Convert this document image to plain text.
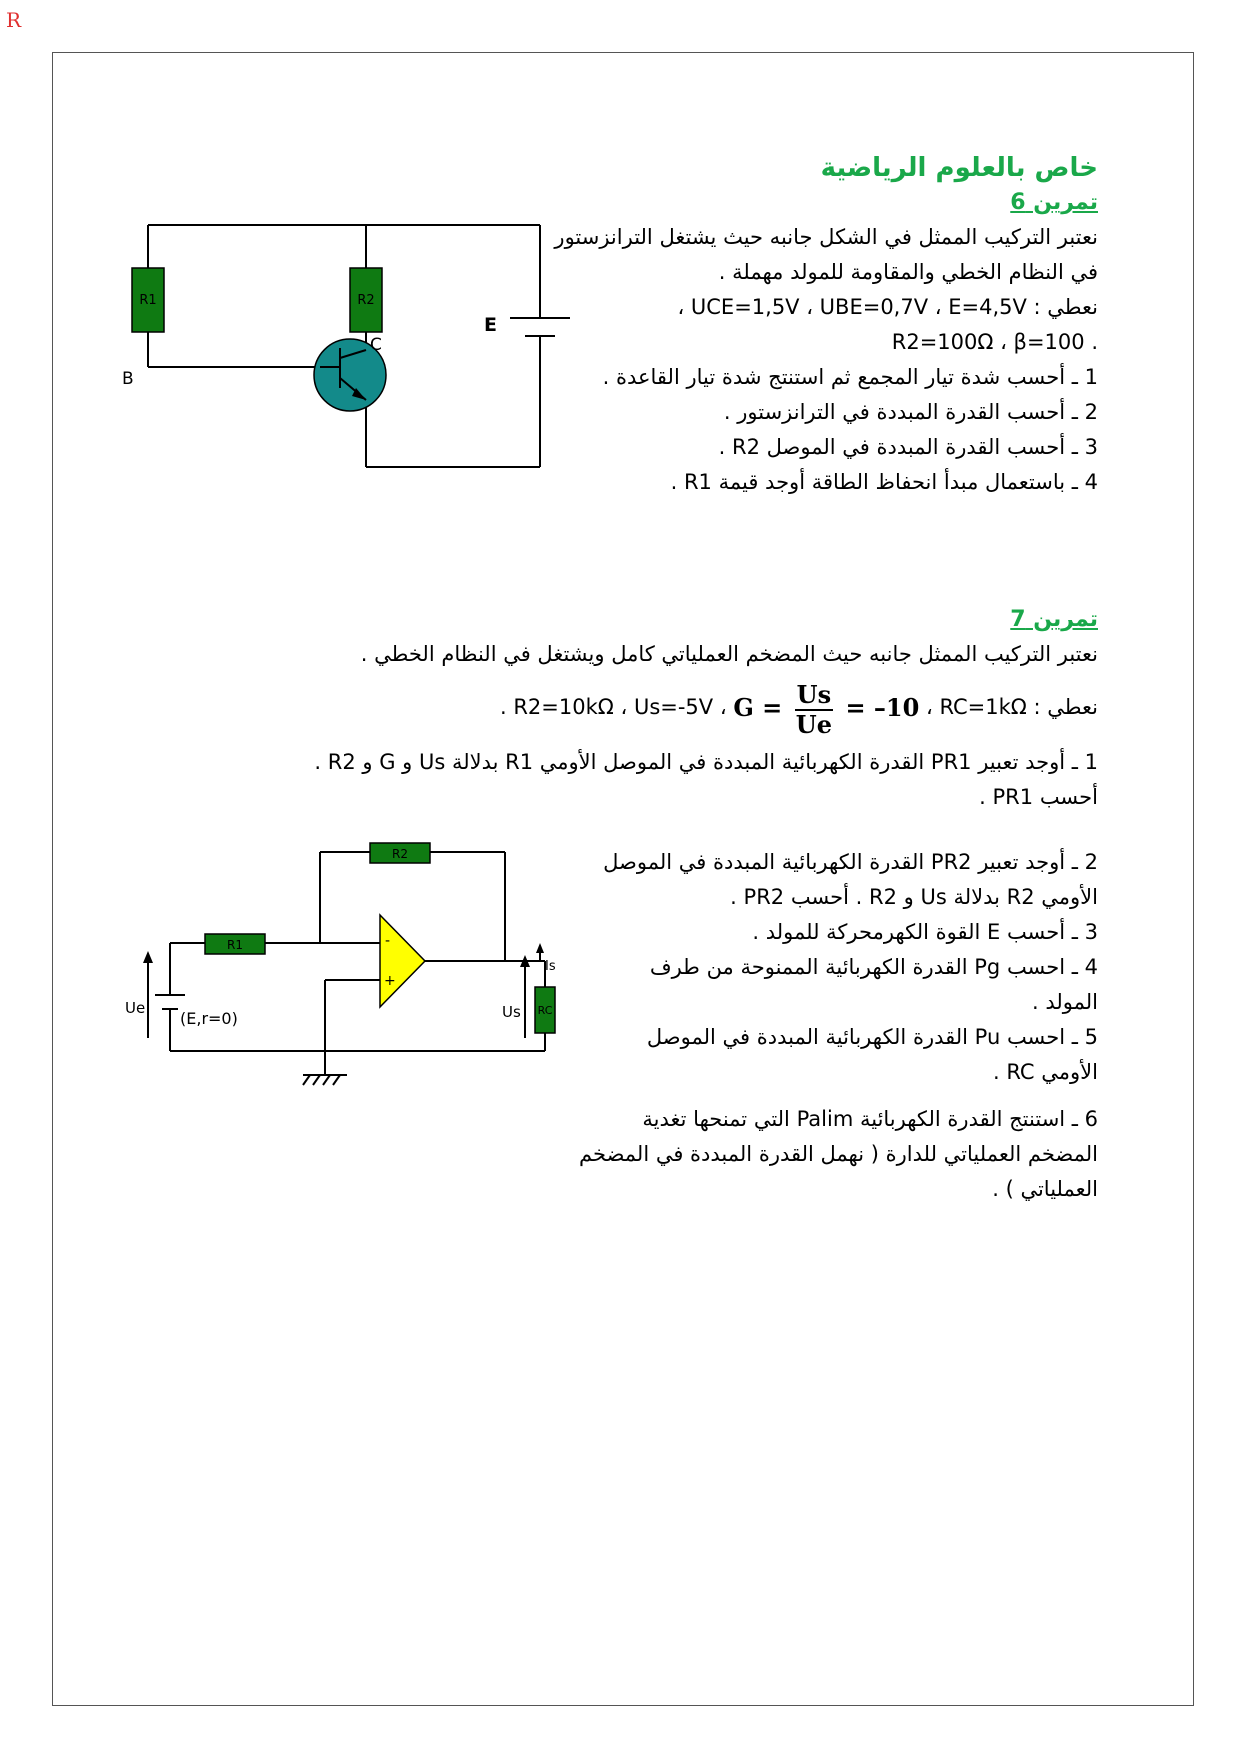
R

خاص بالعلوم الرياضية

تمرين 6

نعتبر التركيب الممثل في الشكل جانبه حيث يشتغل الترانزستور في النظام الخطي والمقاومة للمولد مهملة .

نعطي : UCE=1,5V ، UBE=0,7V ، E=4,5V ،

. R2=100Ω ، β=100

1 ـ أحسب شدة تيار المجمع ثم استنتج شدة تيار القاعدة .

2 ـ أحسب القدرة المبددة في الترانزستور .

3 ـ أحسب القدرة المبددة في الموصل R2 .

4 ـ باستعمال مبدأ انحفاظ الطاقة أوجد قيمة R1 .

R1	R2
C
B
E

تمرين 7

نعتبر التركيب الممثل جانبه حيث المضخم العملياتي كامل ويشتغل في النظام الخطي .

نعطي : R2=10kΩ ، Us=-5V ، $G = \frac{Us}{Ue} = -10$ ، RC=1kΩ .

1 ـ أوجد تعبير PR1 القدرة الكهربائية المبددة في الموصل الأومي R1 بدلالة Us و G و R2 .

أحسب PR1 .

2 ـ أوجد تعبير PR2 القدرة الكهربائية المبددة في الموصل الأومي R2 بدلالة Us و R2 . أحسب PR2 .

3 ـ أحسب E القوة الكهرمحركة للمولد .

4 ـ احسب Pg القدرة الكهربائية الممنوحة من طرف المولد .

5 ـ احسب Pu القدرة الكهربائية المبددة في الموصل الأومي RC .

6 ـ استنتج القدرة الكهربائية Palim التي تمنحها تغدية المضخم العملياتي للدارة ( نهمل القدرة المبددة في المضخم العملياتي ) .

R2
R1
RC
-
+
Ue	Us
Is
(E,r=0)
